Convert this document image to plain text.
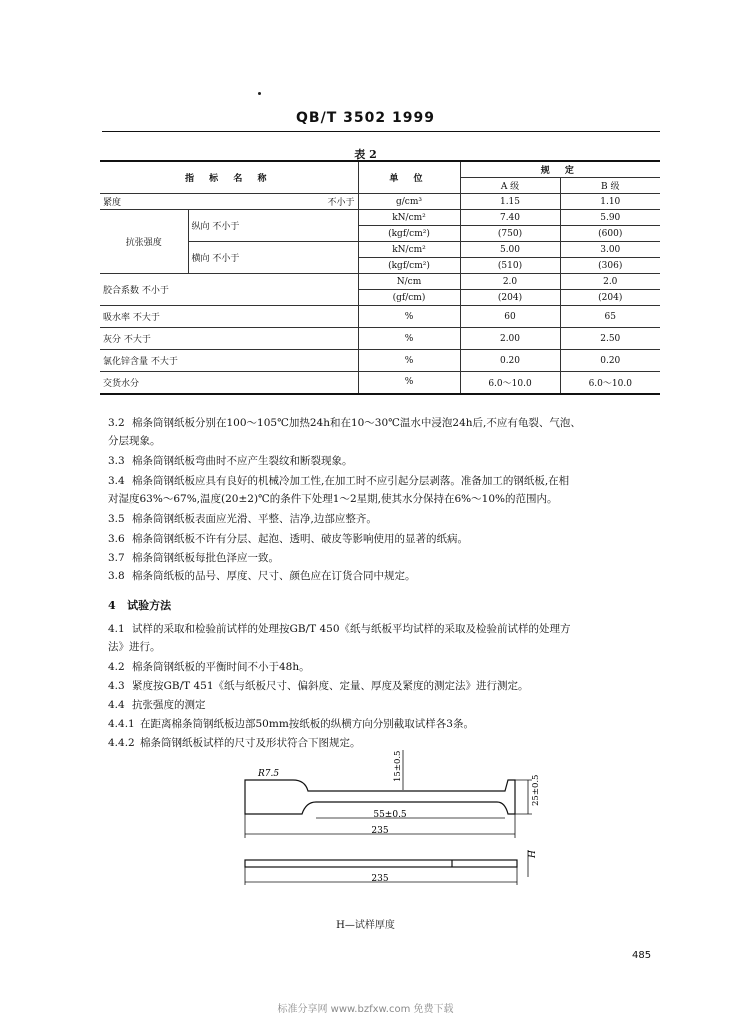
QB/T 3502 1999
表 2
指 标 名 称		单 位	规 定	
			A 级	B 级
紧度 不小于		g/cm³	1.15	1.10
抗张强度	纵向 不小于	kN/cm²	7.40	5.90
		(kgf/cm²)	(750)	(600)
	横向 不小于	kN/cm²	5.00	3.00
		(kgf/cm²)	(510)	(306)
胶合系数 不小于		N/cm	2.0	2.0
		(gf/cm)	(204)	(204)
吸水率 不大于		%	60	65
灰分 不大于		%	2.00	2.50
氯化锌含量 不大于		%	0.20	0.20
交货水分		%	6.0～10.0	6.0～10.0
3.2 棉条筒钢纸板分别在100～105℃加热24h和在10～30℃温水中浸泡24h后,不应有龟裂、气泡、
分层现象。
3.3 棉条筒钢纸板弯曲时不应产生裂纹和断裂现象。
3.4 棉条筒钢纸板应具有良好的机械冷加工性,在加工时不应引起分层剥落。准备加工的钢纸板,在相
对湿度63%～67%,温度(20±2)℃的条件下处理1～2星期,使其水分保持在6%～10%的范围内。
3.5 棉条筒钢纸板表面应光滑、平整、洁净,边部应整齐。
3.6 棉条筒钢纸板不许有分层、起泡、透明、破皮等影响使用的显著的纸病。
3.7 棉条筒钢纸板每批色泽应一致。
3.8 棉条筒纸板的品号、厚度、尺寸、颜色应在订货合同中规定。
4 试验方法
4.1 试样的采取和检验前试样的处理按GB/T 450《纸与纸板平均试样的采取及检验前试样的处理方
法》进行。
4.2 棉条筒钢纸板的平衡时间不小于48h。
4.3 紧度按GB/T 451《纸与纸板尺寸、偏斜度、定量、厚度及紧度的测定法》进行测定。
4.4 抗张强度的测定
4.4.1 在距离棉条筒钢纸板边部50mm按纸板的纵横方向分别截取试样各3条。
4.4.2 棉条筒钢纸板试样的尺寸及形状符合下图规定。
R7.5	15±0.5
25±0.5
55±0.5
235
235
H
H—试样厚度
485
标准分享网 www.bzfxw.com 免费下载
